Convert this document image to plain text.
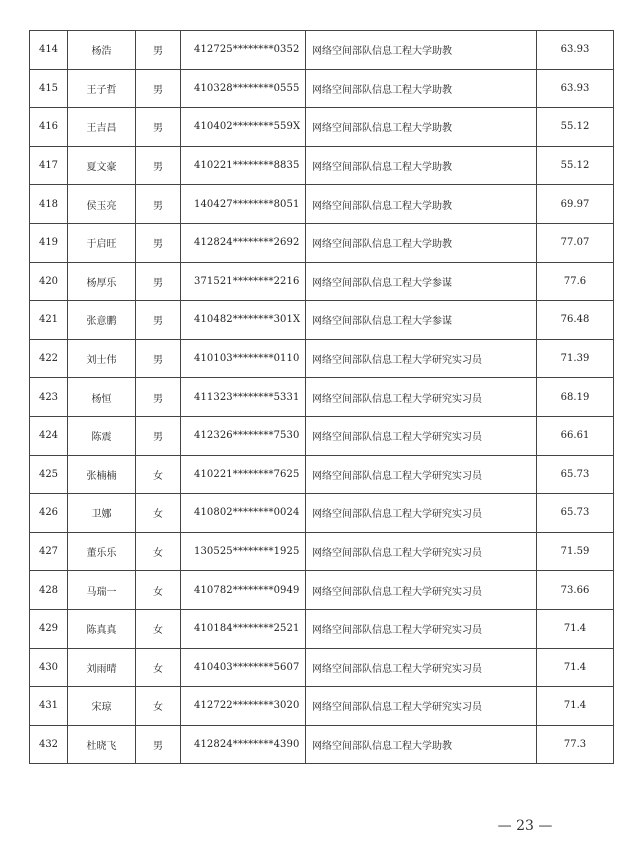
414	杨浩	男	412725********0352	网络空间部队信息工程大学助教	63.93
415	王子哲	男	410328********0555	网络空间部队信息工程大学助教	63.93
416	王吉昌	男	410402********559X	网络空间部队信息工程大学助教	55.12
417	夏文豪	男	410221********8835	网络空间部队信息工程大学助教	55.12
418	侯玉亮	男	140427********8051	网络空间部队信息工程大学助教	69.97
419	于启旺	男	412824********2692	网络空间部队信息工程大学助教	77.07
420	杨厚乐	男	371521********2216	网络空间部队信息工程大学参谋	77.6
421	张意鹏	男	410482********301X	网络空间部队信息工程大学参谋	76.48
422	刘士伟	男	410103********0110	网络空间部队信息工程大学研究实习员	71.39
423	杨恒	男	411323********5331	网络空间部队信息工程大学研究实习员	68.19
424	陈震	男	412326********7530	网络空间部队信息工程大学研究实习员	66.61
425	张楠楠	女	410221********7625	网络空间部队信息工程大学研究实习员	65.73
426	卫娜	女	410802********0024	网络空间部队信息工程大学研究实习员	65.73
427	董乐乐	女	130525********1925	网络空间部队信息工程大学研究实习员	71.59
428	马瑞一	女	410782********0949	网络空间部队信息工程大学研究实习员	73.66
429	陈真真	女	410184********2521	网络空间部队信息工程大学研究实习员	71.4
430	刘雨晴	女	410403********5607	网络空间部队信息工程大学研究实习员	71.4
431	宋琼	女	412722********3020	网络空间部队信息工程大学研究实习员	71.4
432	杜晓飞	男	412824********4390	网络空间部队信息工程大学助教	77.3
— 23 —
